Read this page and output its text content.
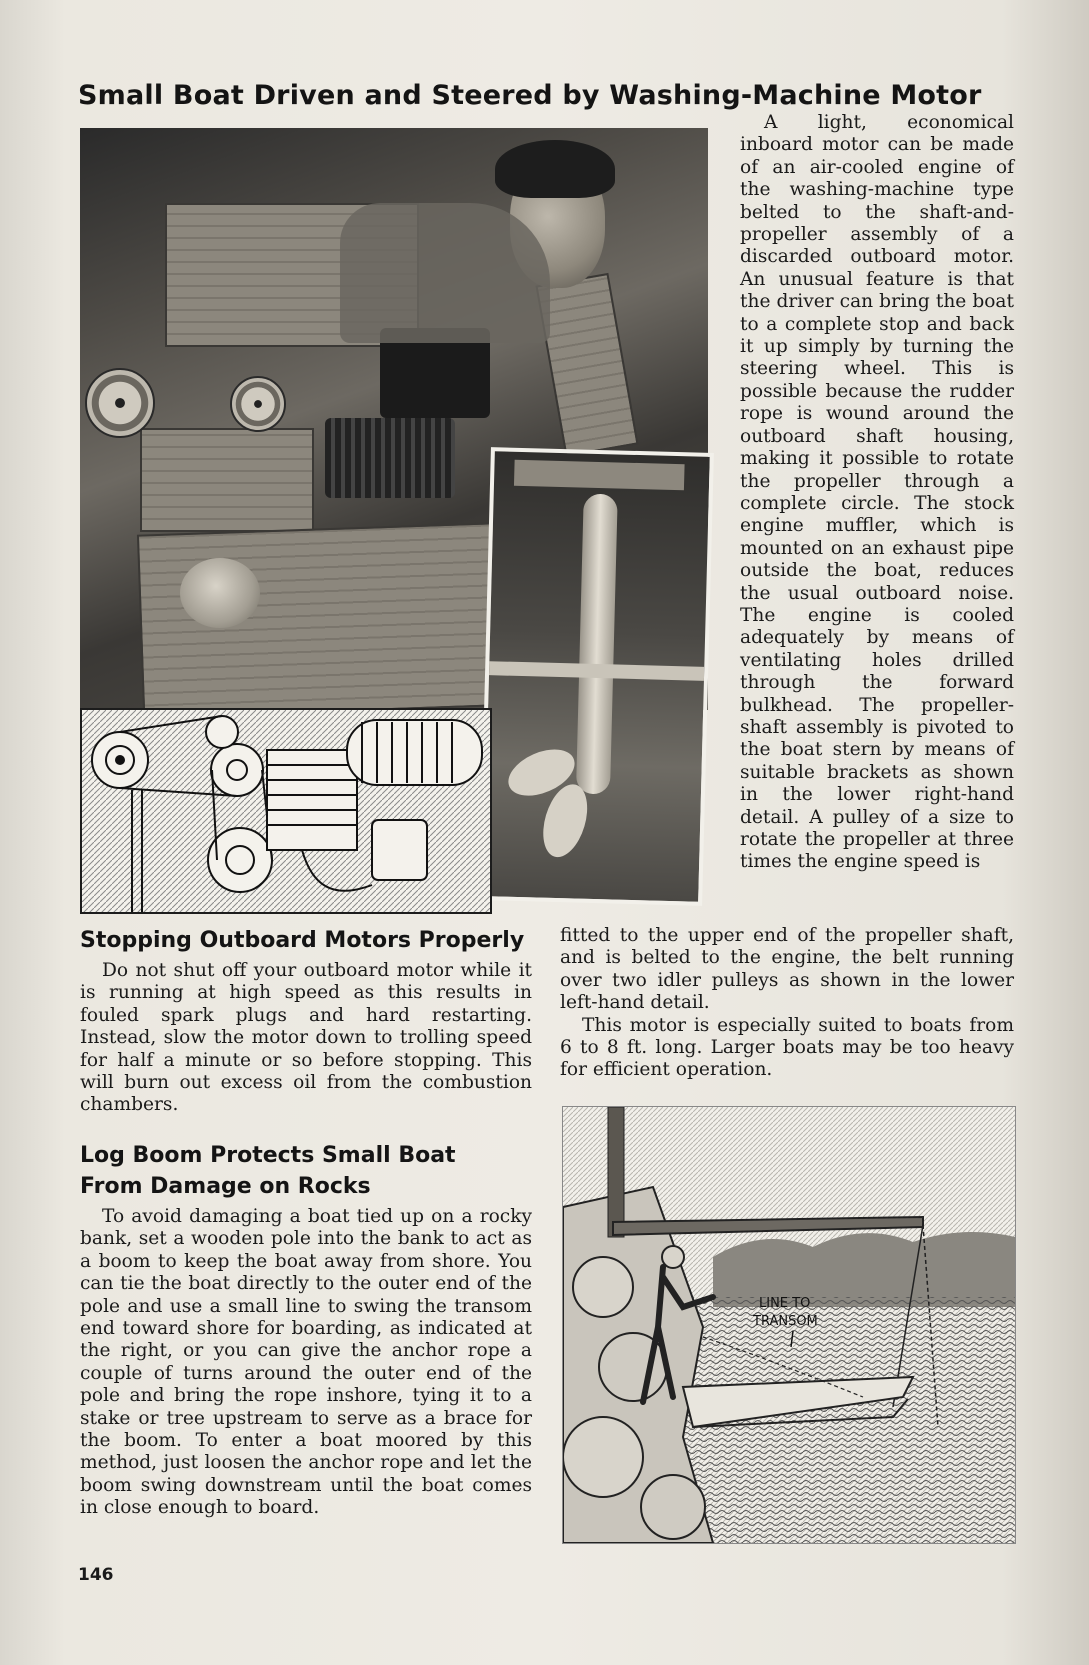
Small Boat Driven and Steered by Washing-Machine Motor

A light, economical inboard motor can be made of an air-cooled engine of the washing-machine type belted to the shaft-and-propeller assembly of a discarded outboard motor. An unusual feature is that the driver can bring the boat to a complete stop and back it up simply by turning the steering wheel. This is possible because the rudder rope is wound around the outboard shaft housing, making it possible to rotate the propeller through a complete circle. The stock engine muffler, which is mounted on an exhaust pipe outside the boat, reduces the usual outboard noise. The engine is cooled adequately by means of ventilating holes drilled through the forward bulkhead. The propeller-shaft assembly is pivoted to the boat stern by means of suitable brackets as shown in the lower right-hand detail. A pulley of a size to rotate the propeller at three times the engine speed is

fitted to the upper end of the propeller shaft, and is belted to the engine, the belt running over two idler pulleys as shown in the lower left-hand detail.

This motor is especially suited to boats from 6 to 8 ft. long. Larger boats may be too heavy for efficient operation.

Stopping Outboard Motors Properly

Do not shut off your outboard motor while it is running at high speed as this results in fouled spark plugs and hard restarting. Instead, slow the motor down to trolling speed for half a minute or so before stopping. This will burn out excess oil from the combustion chambers.

Log Boom Protects Small Boat
From Damage on Rocks

To avoid damaging a boat tied up on a rocky bank, set a wooden pole into the bank to act as a boom to keep the boat away from shore. You can tie the boat directly to the outer end of the pole and use a small line to swing the transom end toward shore for boarding, as indicated at the right, or you can give the anchor rope a couple of turns around the outer end of the pole and bring the rope inshore, tying it to a stake or tree upstream to serve as a brace for the boom. To enter a boat moored by this method, just loosen the anchor rope and let the boom swing downstream until the boat comes in close enough to board.

LINE TO
TRANSOM
146
